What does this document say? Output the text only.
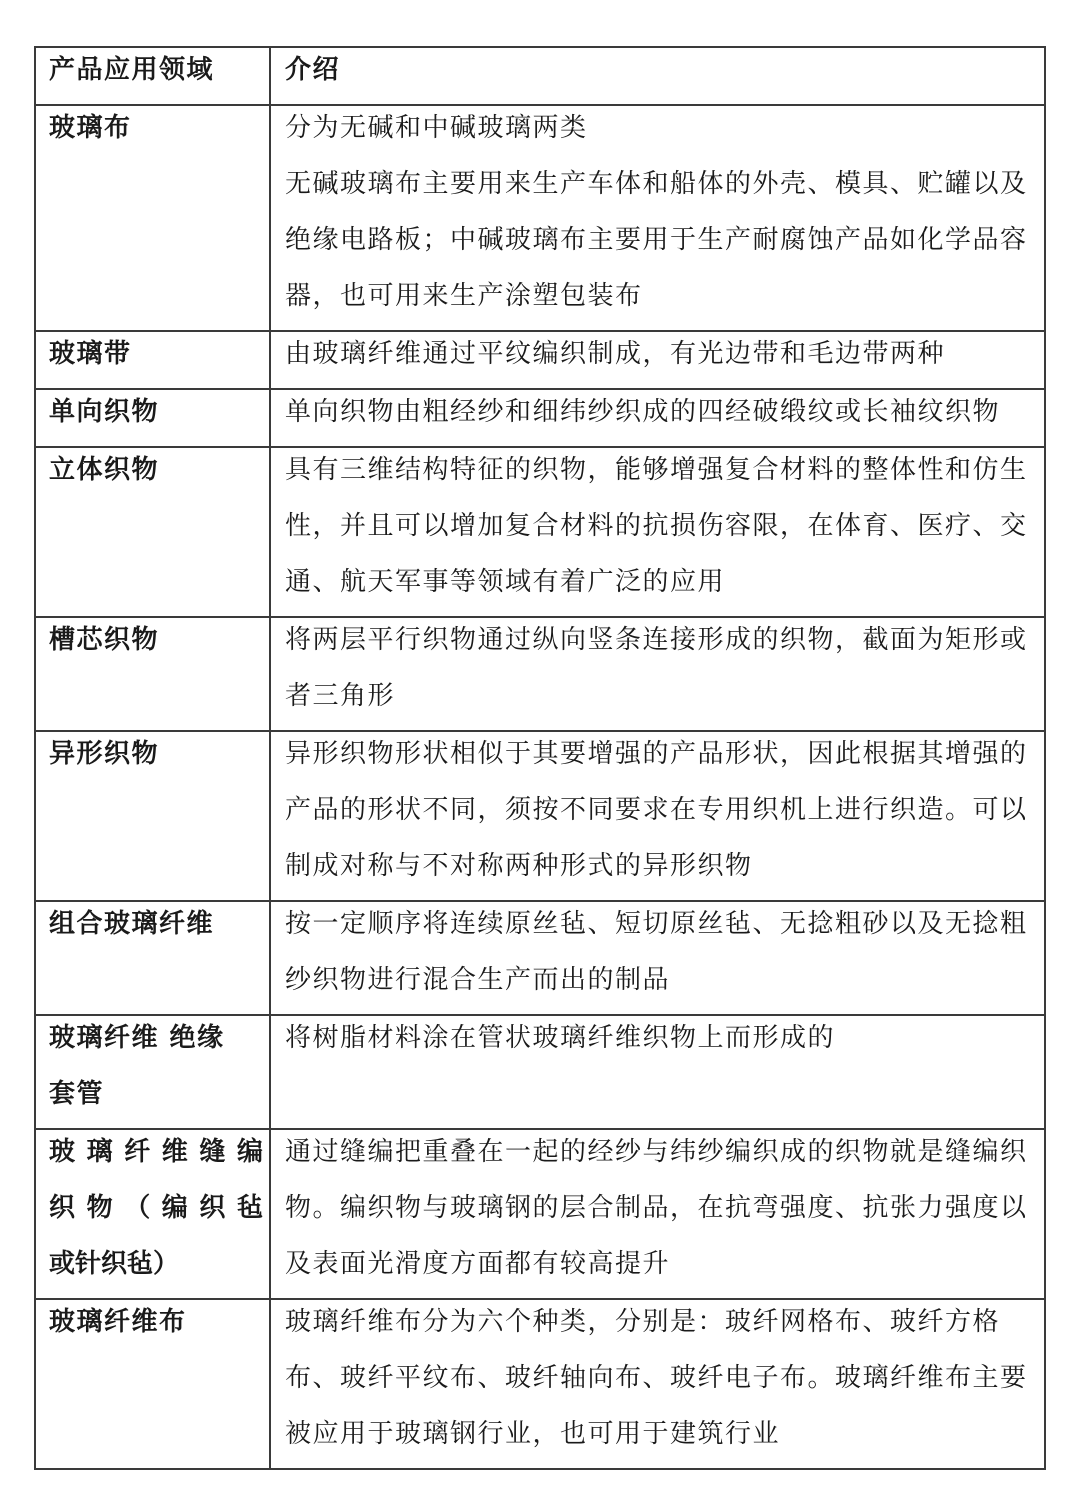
产品应用领域	介绍

玻璃布	分为无碱和中碱玻璃两类
无碱玻璃布主要用来生产车体和船体的外壳、模具、贮罐以及
绝缘电路板；中碱玻璃布主要用于生产耐腐蚀产品如化学品容
器，也可用来生产涂塑包装布

玻璃带	由玻璃纤维通过平纹编织制成，有光边带和毛边带两种

单向织物	单向织物由粗经纱和细纬纱织成的四经破缎纹或长袖纹织物

立体织物	具有三维结构特征的织物，能够增强复合材料的整体性和仿生
性，并且可以增加复合材料的抗损伤容限，在体育、医疗、交
通、航天军事等领域有着广泛的应用

槽芯织物	将两层平行织物通过纵向竖条连接形成的织物，截面为矩形或
者三角形

异形织物	异形织物形状相似于其要增强的产品形状，因此根据其增强的
产品的形状不同，须按不同要求在专用织机上进行织造。可以
制成对称与不对称两种形式的异形织物

组合玻璃纤维	按一定顺序将连续原丝毡、短切原丝毡、无捻粗砂以及无捻粗
纱织物进行混合生产而出的制品

玻璃纤维 绝缘
套管	将树脂材料涂在管状玻璃纤维织物上而形成的

玻璃纤维缝编
织物（编织毡
或针织毡）	通过缝编把重叠在一起的经纱与纬纱编织成的织物就是缝编织
物。编织物与玻璃钢的层合制品，在抗弯强度、抗张力强度以
及表面光滑度方面都有较高提升

玻璃纤维布	玻璃纤维布分为六个种类，分别是：玻纤网格布、玻纤方格
布、玻纤平纹布、玻纤轴向布、玻纤电子布。玻璃纤维布主要
被应用于玻璃钢行业，也可用于建筑行业
